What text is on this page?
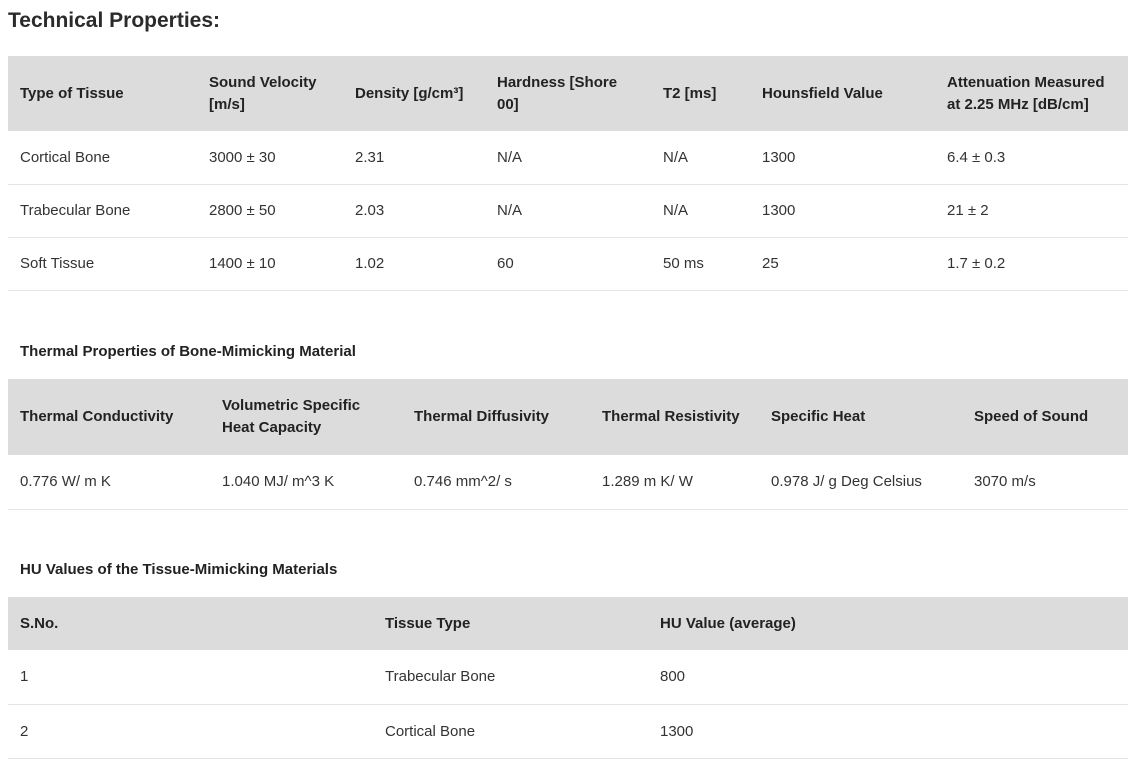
Technical Properties:
Type of Tissue	Sound Velocity [m/s]	Density [g/cm³]	Hardness [Shore 00]	T2 [ms]	Hounsfield Value	Attenuation Measured at 2.25 MHz [dB/cm]
Cortical Bone	3000 ± 30	2.31	N/A	N/A	1300	6.4 ± 0.3
Trabecular Bone	2800 ± 50	2.03	N/A	N/A	1300	21 ± 2
Soft Tissue	1400 ± 10	1.02	60	50 ms	25	1.7 ± 0.2
Thermal Properties of Bone-Mimicking Material
Thermal Conductivity	Volumetric Specific Heat Capacity	Thermal Diffusivity	Thermal Resistivity	Specific Heat	Speed of Sound
0.776 W/ m K	1.040 MJ/ m^3 K	0.746 mm^2/ s	1.289 m K/ W	0.978 J/ g Deg Celsius	3070 m/s
HU Values of the Tissue-Mimicking Materials
S.No.	Tissue Type	HU Value (average)
1	Trabecular Bone	800
2	Cortical Bone	1300
